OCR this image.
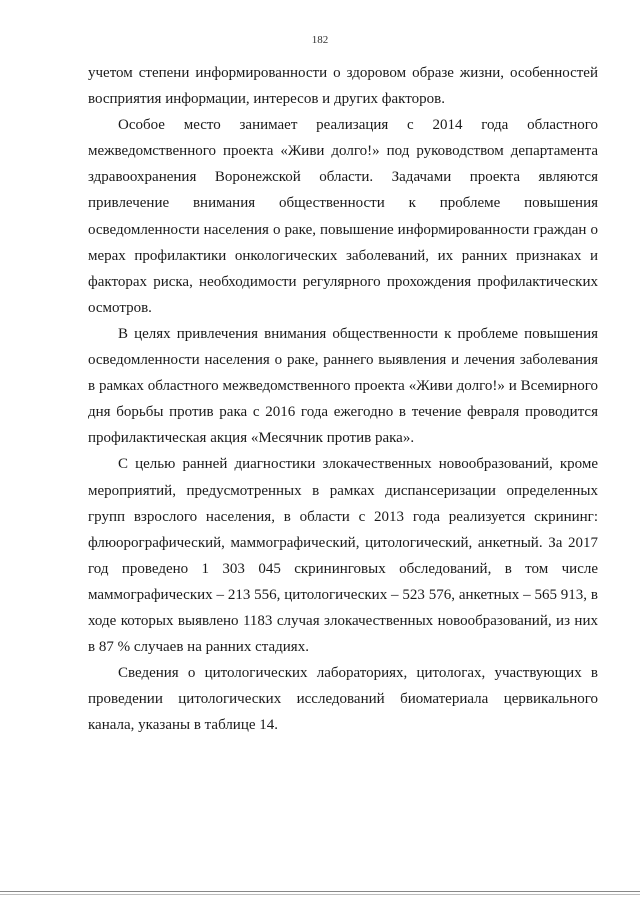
182

учетом степени информированности о здоровом образе жизни, особенностей восприятия информации, интересов и других факторов.

Особое место занимает реализация с 2014 года областного межведомственного проекта «Живи долго!» под руководством департамента здравоохранения Воронежской области. Задачами проекта являются привлечение внимания общественности к проблеме повышения осведомленности населения о раке, повышение информированности граждан о мерах профилактики онкологических заболеваний, их ранних признаках и факторах риска, необходимости регулярного прохождения профилактических осмотров.

В целях привлечения внимания общественности к проблеме повышения осведомленности населения о раке, раннего выявления и лечения заболевания в рамках областного межведомственного проекта «Живи долго!» и Всемирного дня борьбы против рака с 2016 года ежегодно в течение февраля проводится профилактическая акция «Месячник против рака».

С целью ранней диагностики злокачественных новообразований, кроме мероприятий, предусмотренных в рамках диспансеризации определенных групп взрослого населения, в области с 2013 года реализуется скрининг: флюорографический, маммографический, цитологический, анкетный. За 2017 год проведено 1 303 045 скрининговых обследований, в том числе маммографических – 213 556, цитологических – 523 576, анкетных – 565 913, в ходе которых выявлено 1183 случая злокачественных новообразований, из них в 87 % случаев на ранних стадиях.

Сведения о цитологических лабораториях, цитологах, участвующих в проведении цитологических исследований биоматериала цервикального канала, указаны в таблице 14.
